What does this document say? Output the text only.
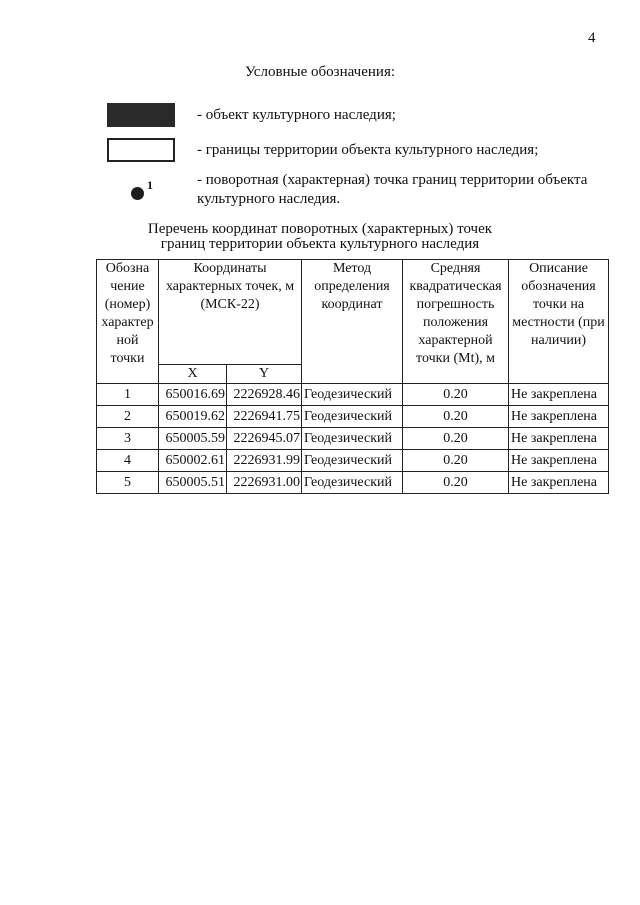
4
Условные обозначения:
- объект культурного наследия;
- границы территории объекта культурного наследия;
1	- поворотная (характерная) точка границ территории объекта культурного наследия.
Перечень координат поворотных (характерных) точек
границ территории объекта культурного наследия
Обозна чение (номер) характер ной точки	Координаты характерных точек, м (МСК-22)		Метод определения координат	Средняя квадратическая погрешность положения характерной точки (Mt), м	Описание обозначения точки на местности (при наличии)
	X	Y			
1	650016.69	2226928.46	Геодезический	0.20	Не закреплена
2	650019.62	2226941.75	Геодезический	0.20	Не закреплена
3	650005.59	2226945.07	Геодезический	0.20	Не закреплена
4	650002.61	2226931.99	Геодезический	0.20	Не закреплена
5	650005.51	2226931.00	Геодезический	0.20	Не закреплена
